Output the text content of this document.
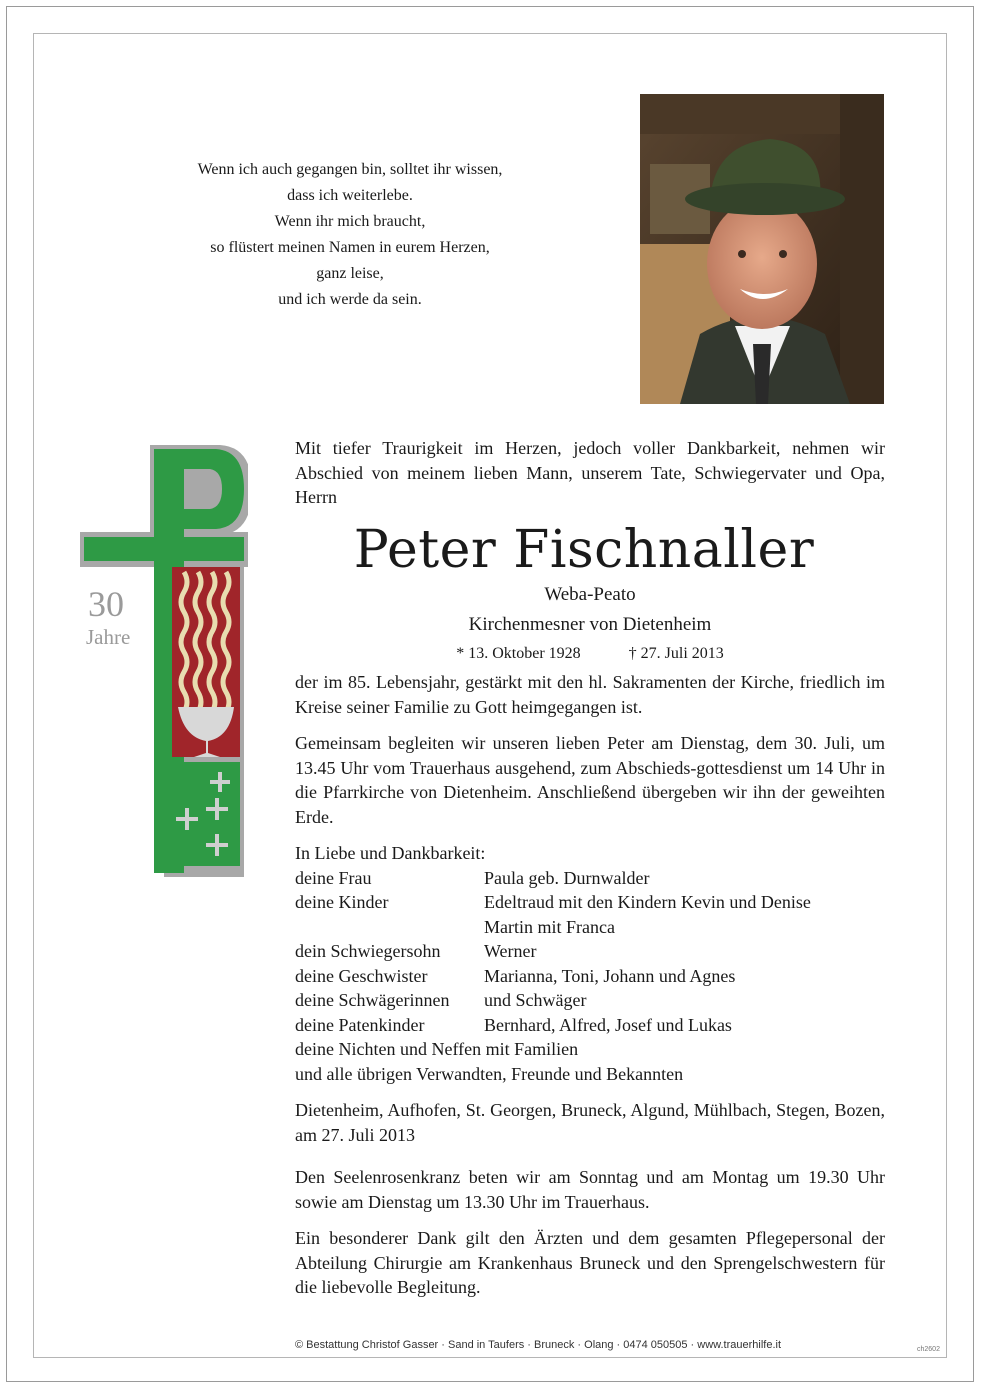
Wenn ich auch gegangen bin, solltet ihr wissen,
dass ich weiterlebe.
Wenn ihr mich braucht,
so flüstert meinen Namen in eurem Herzen,
ganz leise,
und ich werde da sein.
30
Jahre

Mit tiefer Traurigkeit im Herzen, jedoch voller Dankbarkeit, nehmen wir Abschied von meinem lieben Mann, unserem Tate, Schwiegervater und Opa, Herrn

Peter Fischnaller
Weba-Peato
Kirchenmesner von Dietenheim
* 13. Oktober 1928	† 27. Juli 2013

der im 85. Lebensjahr, gestärkt mit den hl. Sakramenten der Kirche, friedlich im Kreise seiner Familie zu Gott heimgegangen ist.

Gemeinsam begleiten wir unseren lieben Peter am Dienstag, dem 30. Juli, um 13.45 Uhr vom Trauerhaus ausgehend, zum Abschieds-gottesdienst um 14 Uhr in die Pfarrkirche von Dietenheim. Anschließend übergeben wir ihn der geweihten Erde.

In Liebe und Dankbarkeit:
deine Frau	Paula geb. Durnwalder
deine Kinder	Edeltraud mit den Kindern Kevin und Denise
Martin mit Franca
dein Schwiegersohn	Werner
deine Geschwister	Marianna, Toni, Johann und Agnes
deine Schwägerinnen	und Schwäger
deine Patenkinder	Bernhard, Alfred, Josef und Lukas
deine Nichten und Neffen mit Familien
und alle übrigen Verwandten, Freunde und Bekannten

Dietenheim, Aufhofen, St. Georgen, Bruneck, Algund, Mühlbach, Stegen, Bozen, am 27. Juli 2013

Den Seelenrosenkranz beten wir am Sonntag und am Montag um 19.30 Uhr sowie am Dienstag um 13.30 Uhr im Trauerhaus.

Ein besonderer Dank gilt den Ärzten und dem gesamten Pflegepersonal der Abteilung Chirurgie am Krankenhaus Bruneck und den Sprengelschwestern für die liebevolle Begleitung.

© Bestattung Christof Gasser · Sand in Taufers · Bruneck · Olang · 0474 050505 · www.trauerhilfe.it	ch2602
